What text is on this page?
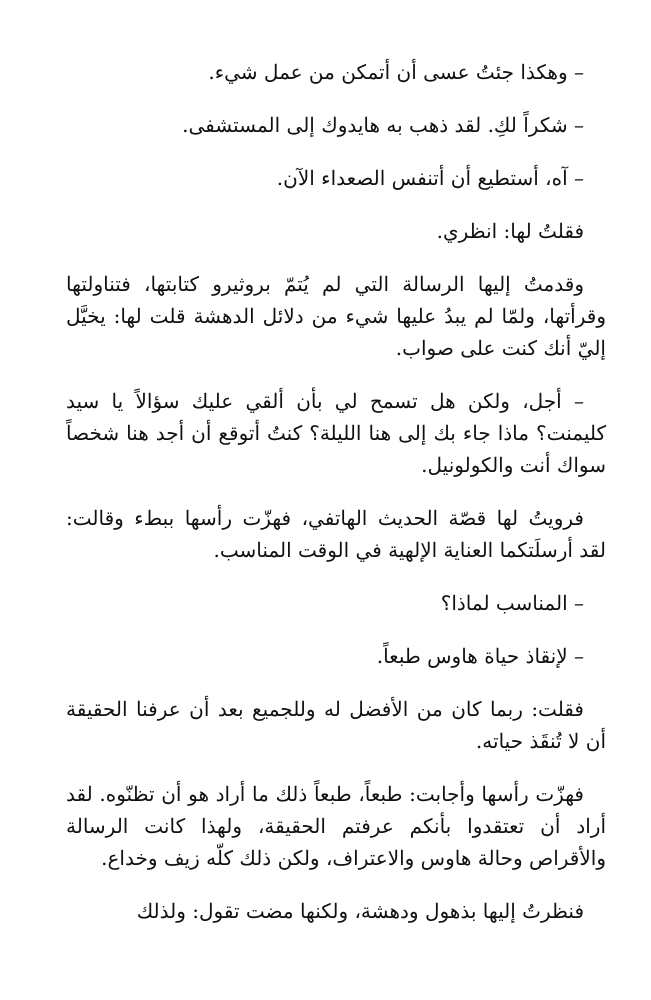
– وهكذا جئتُ عسى أن أتمكن من عمل شيء.

– شكراً لكِ. لقد ذهب به هايدوك إلى المستشفى.

– آه، أستطيع أن أتنفس الصعداء الآن.

فقلتُ لها: انظري.

وقدمتُ إليها الرسالة التي لم يُتمّ بروثيرو كتابتها، فتناولتها وقرأتها، ولمّا لم يبدُ عليها شيء من دلائل الدهشة قلت لها: يخيَّل إليّ أنك كنت على صواب.

– أجل، ولكن هل تسمح لي بأن ألقي عليك سؤالاً يا سيد كليمنت؟ ماذا جاء بك إلى هنا الليلة؟ كنتُ أتوقع أن أجد هنا شخصاً سواك أنت والكولونيل.

فرويتُ لها قصّة الحديث الهاتفي، فهزّت رأسها ببطء وقالت: لقد أرسلَتكما العناية الإلهية في الوقت المناسب.

– المناسب لماذا؟

– لإنقاذ حياة هاوس طبعاً.

فقلت: ربما كان من الأفضل له وللجميع بعد أن عرفنا الحقيقة أن لا تُنقَذ حياته.

فهزّت رأسها وأجابت: طبعاً، طبعاً ذلك ما أراد هو أن تظنّوه. لقد أراد أن تعتقدوا بأنكم عرفتم الحقيقة، ولهذا كانت الرسالة والأقراص وحالة هاوس والاعتراف، ولكن ذلك كلّه زيف وخداع.

فنظرتُ إليها بذهول ودهشة، ولكنها مضت تقول: ولذلك
